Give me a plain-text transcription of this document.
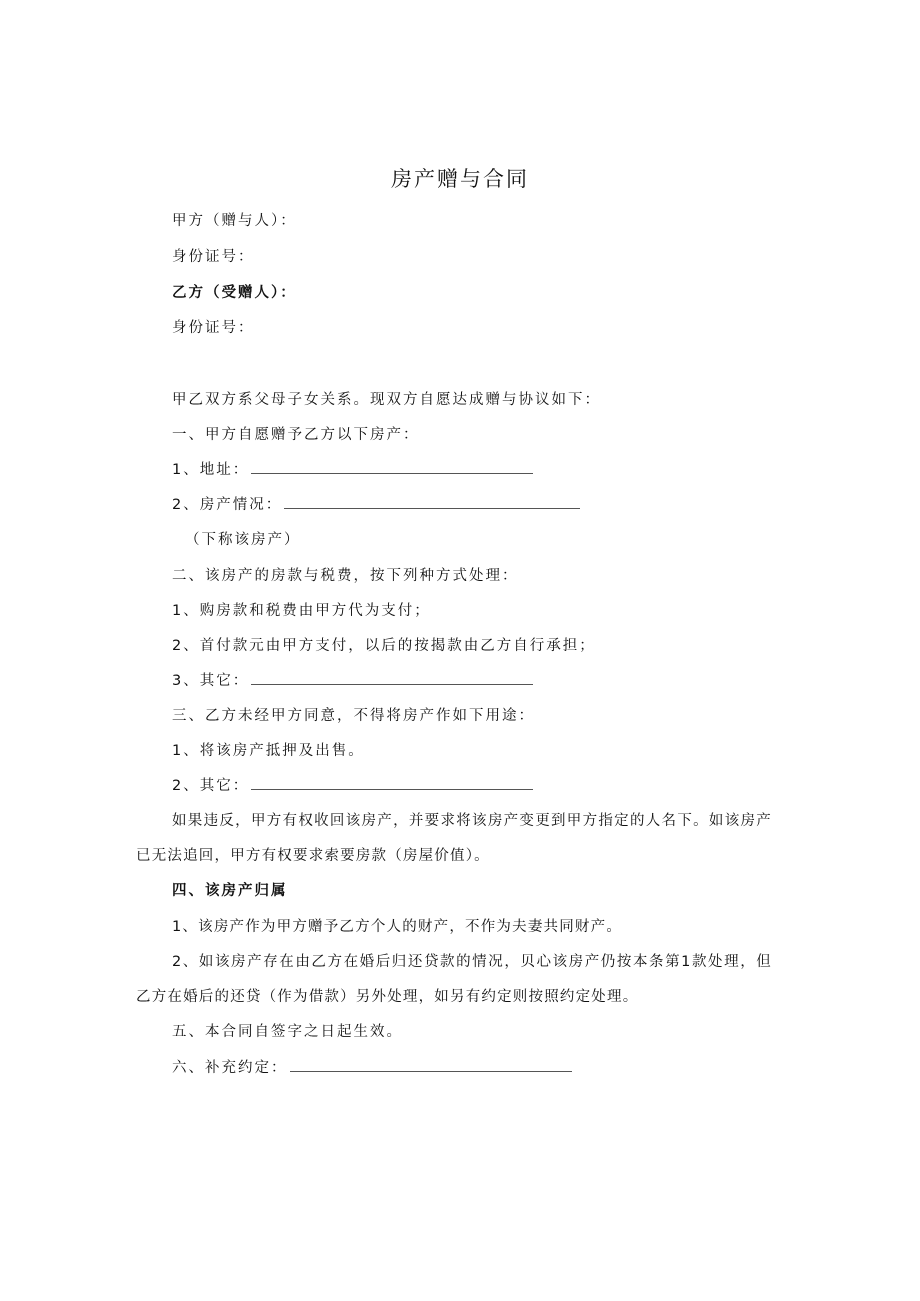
房产赠与合同
甲方（赠与人）：
身份证号：
乙方（受赠人）：
身份证号：
甲乙双方系父母子女关系。现双方自愿达成赠与协议如下：
一、甲方自愿赠予乙方以下房产：
1、地址：
2、房产情况：
（下称该房产）
二、该房产的房款与税费，按下列种方式处理：
1、购房款和税费由甲方代为支付；
2、首付款元由甲方支付，以后的按揭款由乙方自行承担；
3、其它：
三、乙方未经甲方同意，不得将房产作如下用途：
1、将该房产抵押及出售。
2、其它：
如果违反，甲方有权收回该房产，并要求将该房产变更到甲方指定的人名下。如该房产已无法追回，甲方有权要求索要房款（房屋价值）。
四、该房产归属
1、该房产作为甲方赠予乙方个人的财产，不作为夫妻共同财产。
2、如该房产存在由乙方在婚后归还贷款的情况，贝心该房产仍按本条第1款处理，但乙方在婚后的还贷（作为借款）另外处理，如另有约定则按照约定处理。
五、本合同自签字之日起生效。
六、补充约定：
